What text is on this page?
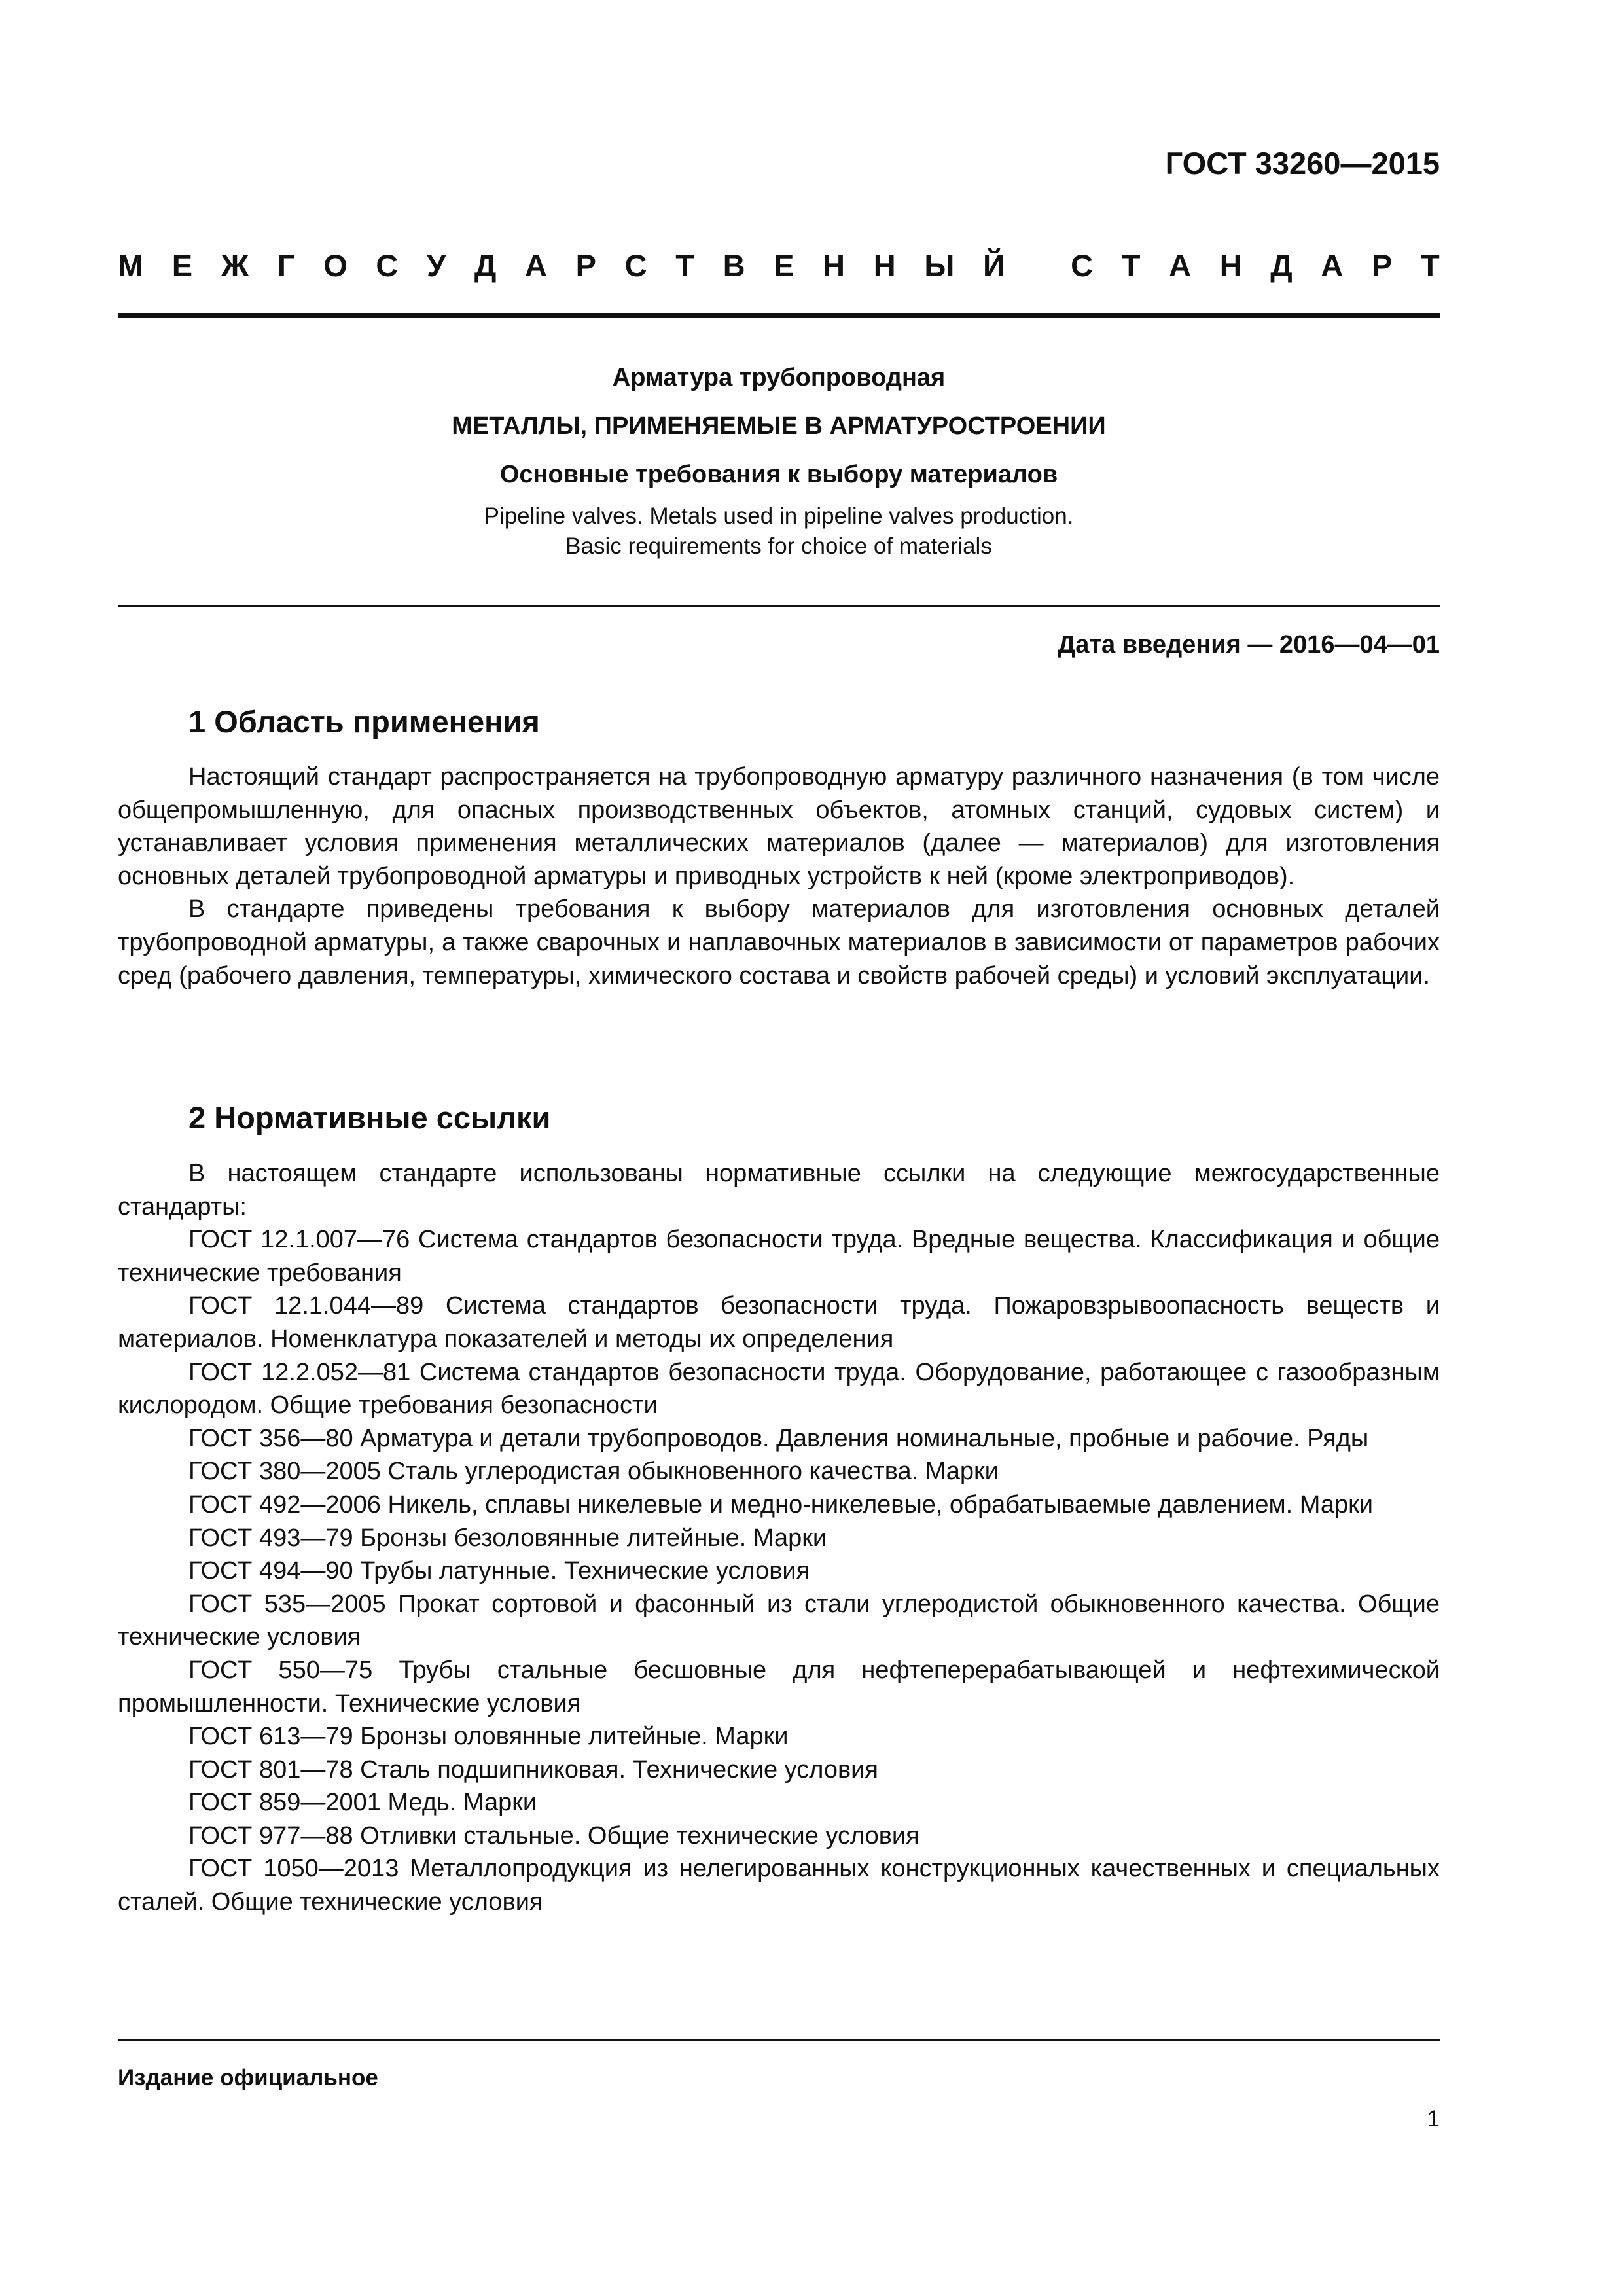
ГОСТ 33260—2015
М Е Ж Г О С У Д А Р С Т В Е Н Н Ы Й
С Т А Н Д А Р Т

Арматура трубопроводная

МЕТАЛЛЫ, ПРИМЕНЯЕМЫЕ В АРМАТУРОСТРОЕНИИ

Основные требования к выбору материалов

Pipeline valves. Metals used in pipeline valves production.
Basic requirements for choice of materials
Дата введения — 2016—04—01
1 Область применения

Настоящий стандарт распространяется на трубопроводную арматуру различного назначения (в том числе общепромышленную, для опасных производственных объектов, атомных станций, судовых систем) и устанавливает условия применения металлических материалов (далее — материалов) для изготовления основных деталей трубопроводной арматуры и приводных устройств к ней (кроме электроприводов).

В стандарте приведены требования к выбору материалов для изготовления основных деталей трубопроводной арматуры, а также сварочных и наплавочных материалов в зависимости от параметров рабочих сред (рабочего давления, температуры, химического состава и свойств рабочей среды) и условий эксплуатации.

2 Нормативные ссылки

В настоящем стандарте использованы нормативные ссылки на следующие межгосударственные стандарты:

ГОСТ 12.1.007—76 Система стандартов безопасности труда. Вредные вещества. Классификация и общие технические требования

ГОСТ 12.1.044—89 Система стандартов безопасности труда. Пожаровзрывоопасность веществ и материалов. Номенклатура показателей и методы их определения

ГОСТ 12.2.052—81 Система стандартов безопасности труда. Оборудование, работающее с газообразным кислородом. Общие требования безопасности

ГОСТ 356—80 Арматура и детали трубопроводов. Давления номинальные, пробные и рабочие. Ряды

ГОСТ 380—2005 Сталь углеродистая обыкновенного качества. Марки

ГОСТ 492—2006 Никель, сплавы никелевые и медно-никелевые, обрабатываемые давлением. Марки

ГОСТ 493—79 Бронзы безоловянные литейные. Марки

ГОСТ 494—90 Трубы латунные. Технические условия

ГОСТ 535—2005 Прокат сортовой и фасонный из стали углеродистой обыкновенного качества. Общие технические условия

ГОСТ 550—75 Трубы стальные бесшовные для нефтеперерабатывающей и нефтехимической промышленности. Технические условия

ГОСТ 613—79 Бронзы оловянные литейные. Марки

ГОСТ 801—78 Сталь подшипниковая. Технические условия

ГОСТ 859—2001 Медь. Марки

ГОСТ 977—88 Отливки стальные. Общие технические условия

ГОСТ 1050—2013 Металлопродукция из нелегированных конструкционных качественных и специальных сталей. Общие технические условия

Издание официальное
1
